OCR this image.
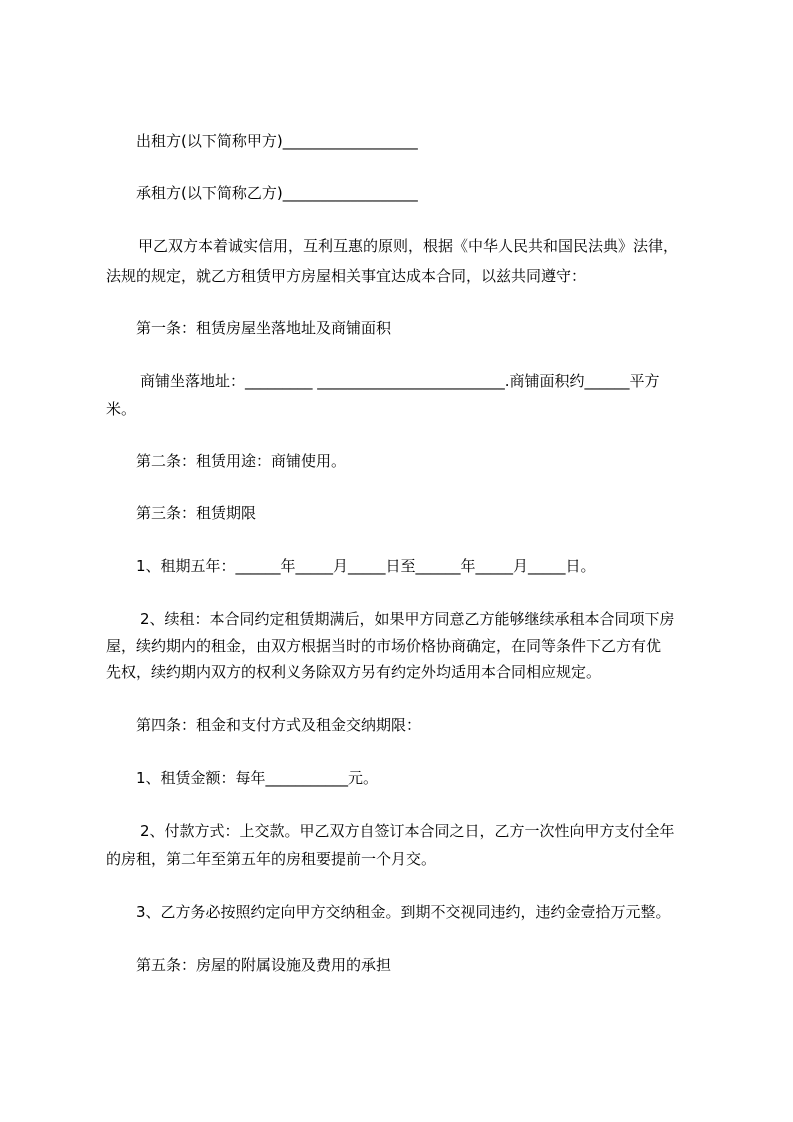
出租方(以下简称甲方)__________________
承租方(以下简称乙方)__________________
甲乙双方本着诚实信用，互利互惠的原则，根据《中华人民共和国民法典》法律，
法规的规定，就乙方租赁甲方房屋相关事宜达成本合同，以兹共同遵守：
第一条：租赁房屋坐落地址及商铺面积
商铺坐落地址：_________ _________________________.商铺面积约______平方
米。
第二条：租赁用途：商铺使用。
第三条：租赁期限
1、租期五年：______年_____月_____日至______年_____月_____日。
2、续租：本合同约定租赁期满后，如果甲方同意乙方能够继续承租本合同项下房
屋，续约期内的租金，由双方根据当时的市场价格协商确定，在同等条件下乙方有优
先权，续约期内双方的权利义务除双方另有约定外均适用本合同相应规定。
第四条：租金和支付方式及租金交纳期限：
1、租赁金额：每年___________元。
2、付款方式：上交款。甲乙双方自签订本合同之日，乙方一次性向甲方支付全年
的房租，第二年至第五年的房租要提前一个月交。
3、乙方务必按照约定向甲方交纳租金。到期不交视同违约，违约金壹拾万元整。
第五条：房屋的附属设施及费用的承担
